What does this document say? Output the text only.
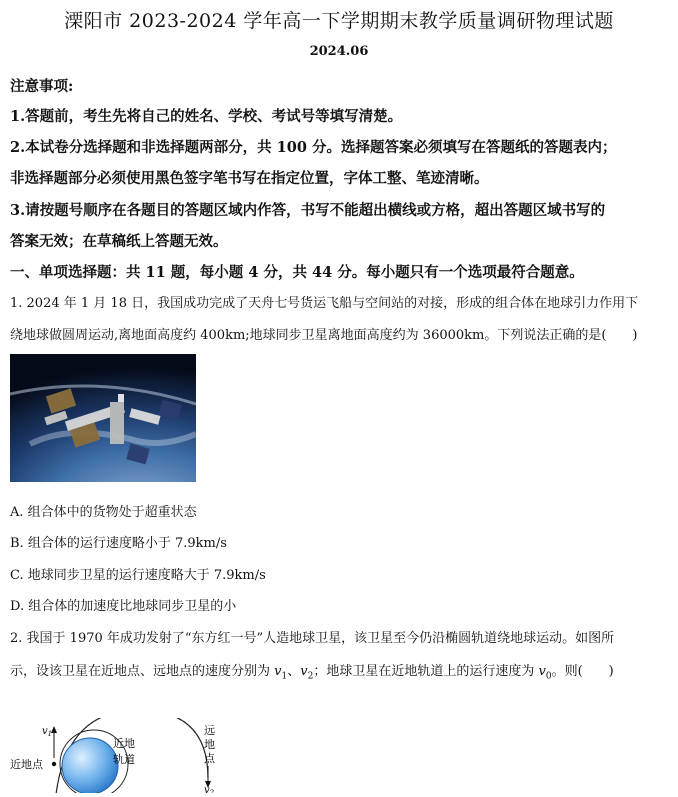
溧阳市 2023-2024 学年高一下学期期末教学质量调研物理试题
2024.06
注意事项:
1.答题前，考生先将自己的姓名、学校、考试号等填写清楚。
2.本试卷分选择题和非选择题两部分，共 100 分。选择题答案必须填写在答题纸的答题表内；
非选择题部分必须使用黑色签字笔书写在指定位置，字体工整、笔迹清晰。
3.请按题号顺序在各题目的答题区域内作答，书写不能超出横线或方格，超出答题区域书写的
答案无效；在草稿纸上答题无效。
一、单项选择题：共 11 题，每小题 4 分，共 44 分。每小题只有一个选项最符合题意。
1. 2024 年 1 月 18 日，我国成功完成了天舟七号货运飞船与空间站的对接，形成的组合体在地球引力作用下
绕地球做圆周运动,离地面高度约 400km;地球同步卫星离地面高度约为 36000km。下列说法正确的是(　　)
A. 组合体中的货物处于超重状态
B. 组合体的运行速度略小于 7.9km/s
C. 地球同步卫星的运行速度略大于 7.9km/s
D. 组合体的加速度比地球同步卫星的小
2. 我国于 1970 年成功发射了“东方红一号”人造地球卫星，该卫星至今仍沿椭圆轨道绕地球运动。如图所
示，设该卫星在近地点、远地点的速度分别为 $v_1$、$v_2$；地球卫星在近地轨道上的运行速度为 $v_0$。则(　　)
$v_1$
$v_2$
近地点
近地
轨道
远
地
点
